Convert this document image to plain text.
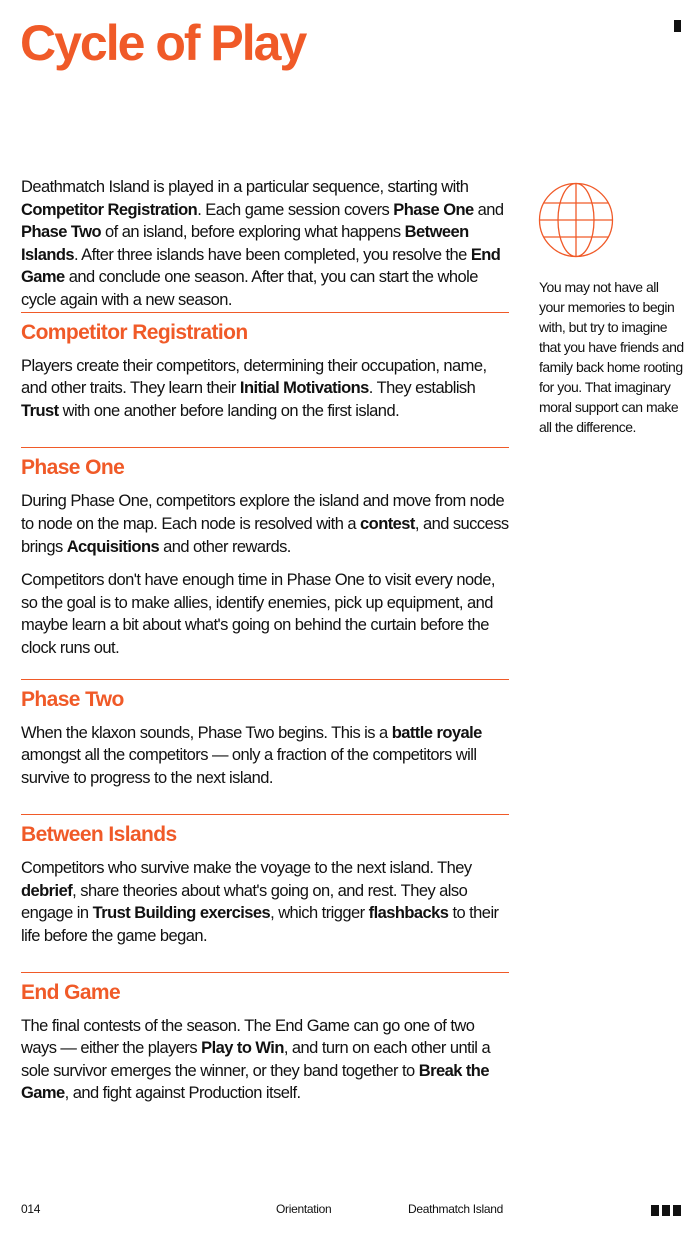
Cycle of Play

Deathmatch Island is played in a particular sequence, starting with Competitor Registration. Each game session covers Phase One and Phase Two of an island, before exploring what happens Between Islands. After three islands have been completed, you resolve the End Game and conclude one season. After that, you can start the whole cycle again with a new season.

Competitor Registration

Players create their competitors, determining their occupation, name, and other traits. They learn their Initial Motivations. They establish Trust with one another before landing on the first island.

Phase One

During Phase One, competitors explore the island and move from node to node on the map. Each node is resolved with a contest, and success brings Acquisitions and other rewards.

Competitors don't have enough time in Phase One to visit every node, so the goal is to make allies, identify enemies, pick up equipment, and maybe learn a bit about what's going on behind the curtain before the clock runs out.

Phase Two

When the klaxon sounds, Phase Two begins. This is a battle royale amongst all the competitors — only a fraction of the competitors will survive to progress to the next island.

Between Islands

Competitors who survive make the voyage to the next island. They debrief, share theories about what's going on, and rest. They also engage in Trust Building exercises, which trigger flashbacks to their life before the game began.

End Game

The final contests of the season. The End Game can go one of two ways — either the players Play to Win, and turn on each other until a sole survivor emerges the winner, or they band together to Break the Game, and fight against Production itself.

You may not have all your memories to begin with, but try to imagine that you have friends and family back home rooting for you. That imaginary moral support can make all the difference.

014	Orientation	Deathmatch Island
